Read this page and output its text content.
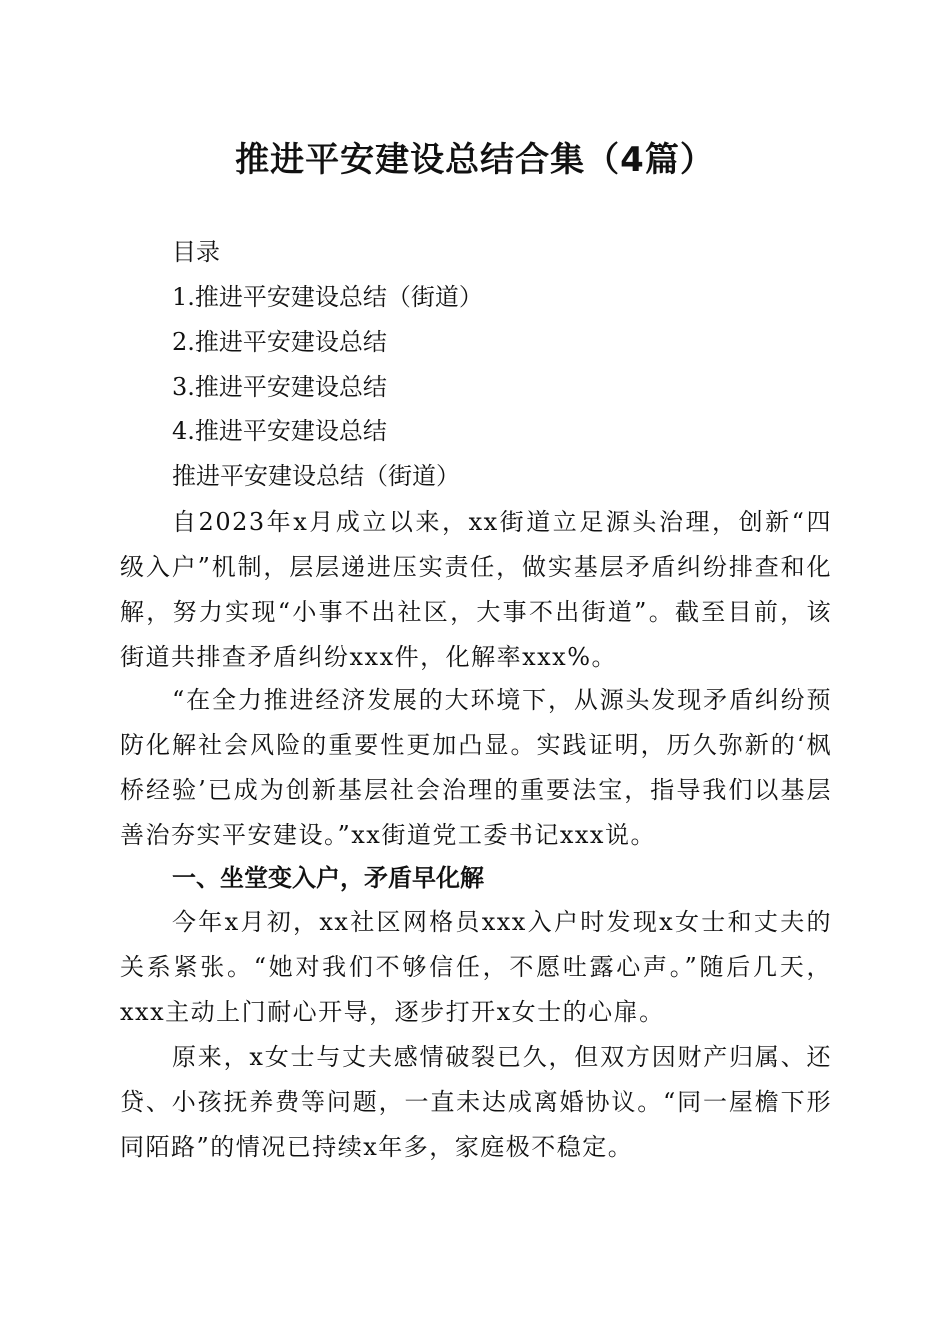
推进平安建设总结合集（4篇）

目录

1.推进平安建设总结（街道）

2.推进平安建设总结

3.推进平安建设总结

4.推进平安建设总结

推进平安建设总结（街道）

自2023年x月成立以来，xx街道立足源头治理，创新“四级入户”机制，层层递进压实责任，做实基层矛盾纠纷排查和化解，努力实现“小事不出社区，大事不出街道”。截至目前，该街道共排查矛盾纠纷xxx件，化解率xxx%。

“在全力推进经济发展的大环境下，从源头发现矛盾纠纷预防化解社会风险的重要性更加凸显。实践证明，历久弥新的‘枫桥经验’已成为创新基层社会治理的重要法宝，指导我们以基层善治夯实平安建设。”xx街道党工委书记xxx说。

一、坐堂变入户，矛盾早化解

今年x月初，xx社区网格员xxx入户时发现x女士和丈夫的关系紧张。“她对我们不够信任，不愿吐露心声。”随后几天，xxx主动上门耐心开导，逐步打开x女士的心扉。

原来，x女士与丈夫感情破裂已久，但双方因财产归属、还贷、小孩抚养费等问题，一直未达成离婚协议。“同一屋檐下形同陌路”的情况已持续x年多，家庭极不稳定。
